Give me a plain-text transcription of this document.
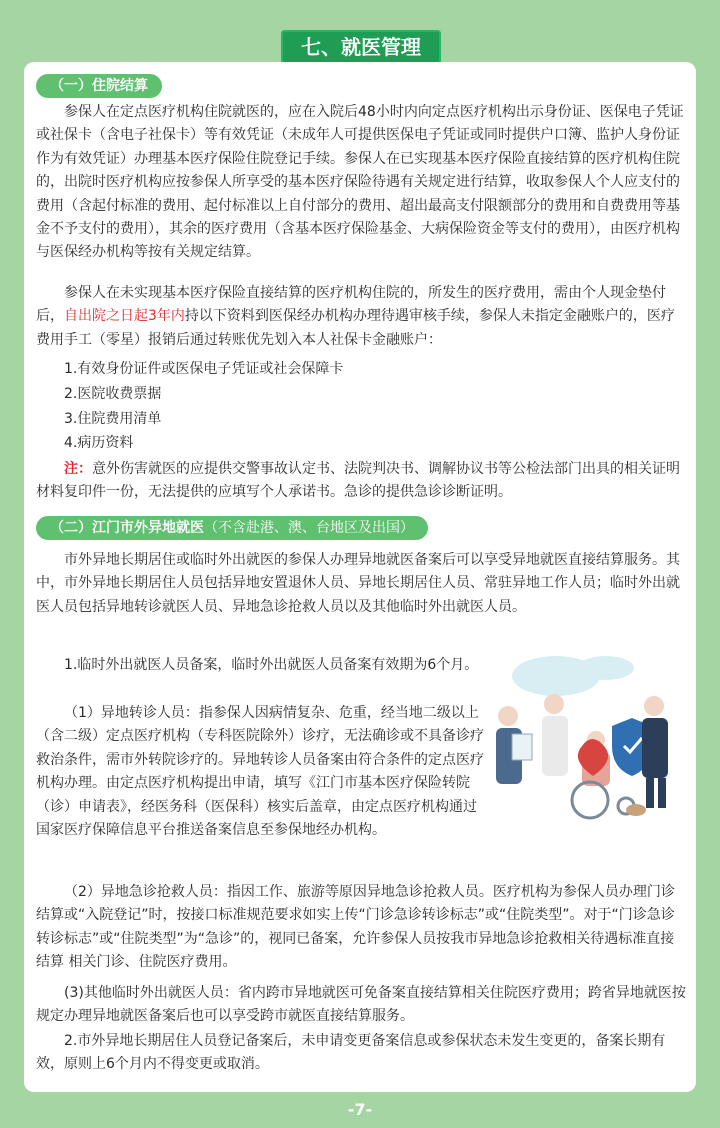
七、就医管理
（一）住院结算

参保人在定点医疗机构住院就医的，应在入院后48小时内向定点医疗机构出示身份证、医保电子凭证或社保卡（含电子社保卡）等有效凭证（未成年人可提供医保电子凭证或同时提供户口簿、监护人身份证作为有效凭证）办理基本医疗保险住院登记手续。参保人在已实现基本医疗保险直接结算的医疗机构住院的，出院时医疗机构应按参保人所享受的基本医疗保险待遇有关规定进行结算，收取参保人个人应支付的费用（含起付标准的费用、起付标准以上自付部分的费用、超出最高支付限额部分的费用和自费费用等基金不予支付的费用），其余的医疗费用（含基本医疗保险基金、大病保险资金等支付的费用），由医疗机构与医保经办机构等按有关规定结算。

参保人在未实现基本医疗保险直接结算的医疗机构住院的，所发生的医疗费用，需由个人现金垫付后，自出院之日起3年内持以下资料到医保经办机构办理待遇审核手续，参保人未指定金融账户的，医疗费用手工（零星）报销后通过转账优先划入本人社保卡金融账户：

1.有效身份证件或医保电子凭证或社会保障卡

2.医院收费票据

3.住院费用清单

4.病历资料

注：意外伤害就医的应提供交警事故认定书、法院判决书、调解协议书等公检法部门出具的相关证明材料复印件一份，无法提供的应填写个人承诺书。急诊的提供急诊诊断证明。

（二）江门市外异地就医（不含赴港、澳、台地区及出国）

市外异地长期居住或临时外出就医的参保人办理异地就医备案后可以享受异地就医直接结算服务。其中，市外异地长期居住人员包括异地安置退休人员、异地长期居住人员、常驻异地工作人员；临时外出就医人员包括异地转诊就医人员、异地急诊抢救人员以及其他临时外出就医人员。

1.临时外出就医人员备案，临时外出就医人员备案有效期为6个月。

（1）异地转诊人员：指参保人因病情复杂、危重，经当地二级以上（含二级）定点医疗机构（专科医院除外）诊疗，无法确诊或不具备诊疗救治条件，需市外转院诊疗的。异地转诊人员备案由符合条件的定点医疗机构办理。由定点医疗机构提出申请，填写《江门市基本医疗保险转院（诊）申请表》，经医务科（医保科）核实后盖章，由定点医疗机构通过国家医疗保障信息平台推送备案信息至参保地经办机构。

（2）异地急诊抢救人员：指因工作、旅游等原因异地急诊抢救人员。医疗机构为参保人员办理门诊结算或“入院登记”时，按接口标准规范要求如实上传“门诊急诊转诊标志”或“住院类型”。对于“门诊急诊转诊标志”或“住院类型”为“急诊”的，视同已备案，允许参保人员按我市异地急诊抢救相关待遇标准直接结算 相关门诊、住院医疗费用。

(3)其他临时外出就医人员：省内跨市异地就医可免备案直接结算相关住院医疗费用；跨省异地就医按规定办理异地就医备案后也可以享受跨市就医直接结算服务。

2.市外异地长期居住人员登记备案后，未申请变更备案信息或参保状态未发生变更的，备案长期有效，原则上6个月内不得变更或取消。

-7-
